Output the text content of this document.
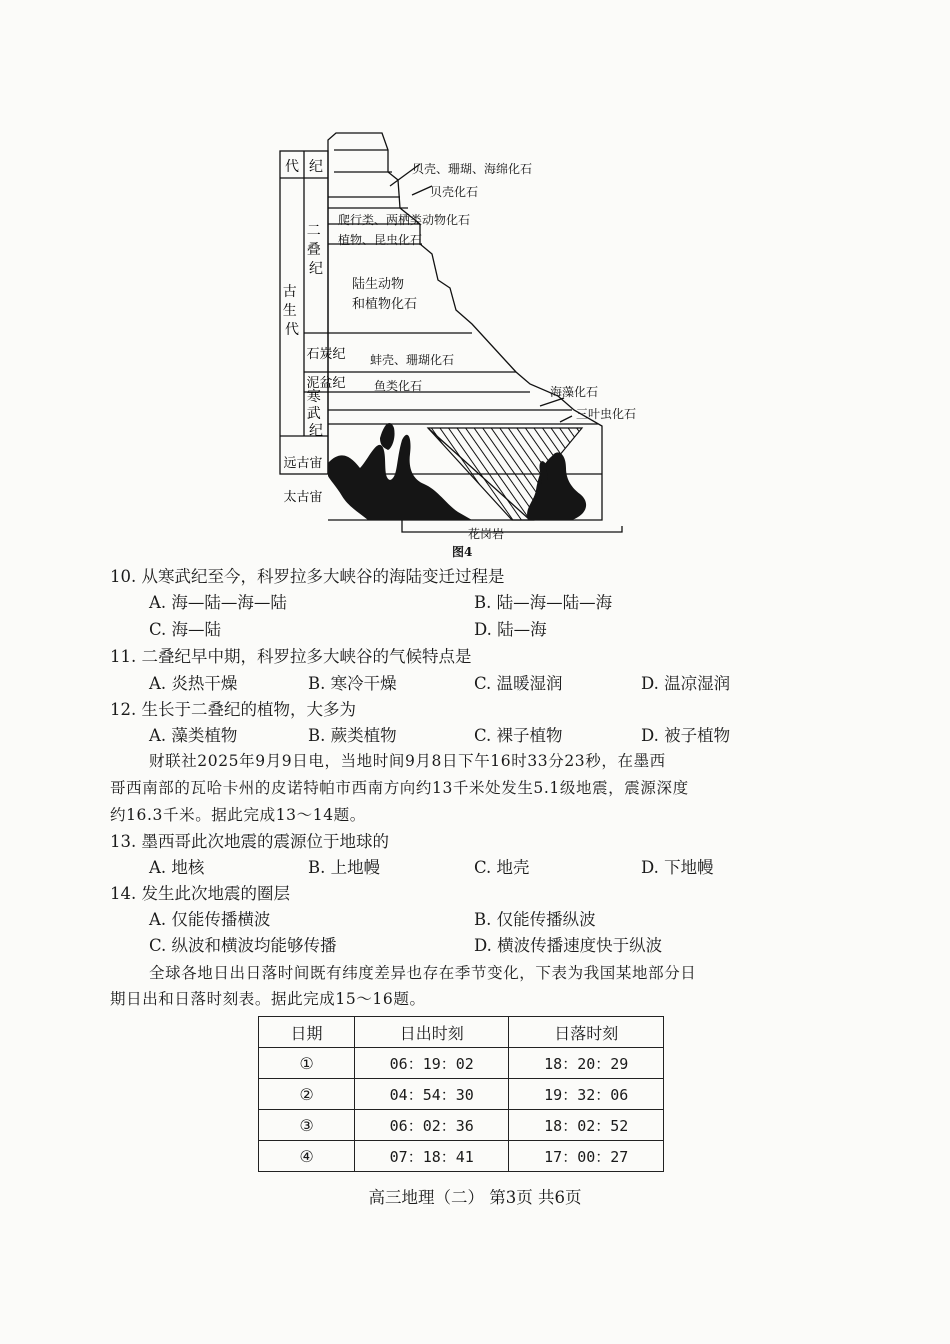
代 纪
古 生 代
远古宙
太古宙
二 叠 纪
石炭纪
泥盆纪
寒 武 纪
贝壳、珊瑚、海绵化石
贝壳化石
爬行类、两栖类动物化石
植物、昆虫化石
陆生动物
和植物化石
蚌壳、珊瑚化石
鱼类化石	海藻化石
三叶虫化石
花岗岩
图4
10. 从寒武纪至今，科罗拉多大峡谷的海陆变迁过程是
A. 海—陆—海—陆	B. 陆—海—陆—海
C. 海—陆	D. 陆—海
11. 二叠纪早中期，科罗拉多大峡谷的气候特点是
A. 炎热干燥	B. 寒冷干燥	C. 温暖湿润	D. 温凉湿润
12. 生长于二叠纪的植物，大多为
A. 藻类植物	B. 蕨类植物	C. 裸子植物	D. 被子植物
财联社2025年9月9日电，当地时间9月8日下午16时33分23秒，在墨西
哥西南部的瓦哈卡州的皮诺特帕市西南方向约13千米处发生5.1级地震，震源深度
约16.3千米。据此完成13～14题。
13. 墨西哥此次地震的震源位于地球的
A. 地核	B. 上地幔	C. 地壳	D. 下地幔
14. 发生此次地震的圈层
A. 仅能传播横波	B. 仅能传播纵波
C. 纵波和横波均能够传播	D. 横波传播速度快于纵波
全球各地日出日落时间既有纬度差异也存在季节变化，下表为我国某地部分日
期日出和日落时刻表。据此完成15～16题。
日期	日出时刻	日落时刻
①	06：19：02	18：20：29
②	04：54：30	19：32：06
③	06：02：36	18：02：52
④	07：18：41	17：00：27
高三地理（二） 第3页 共6页
